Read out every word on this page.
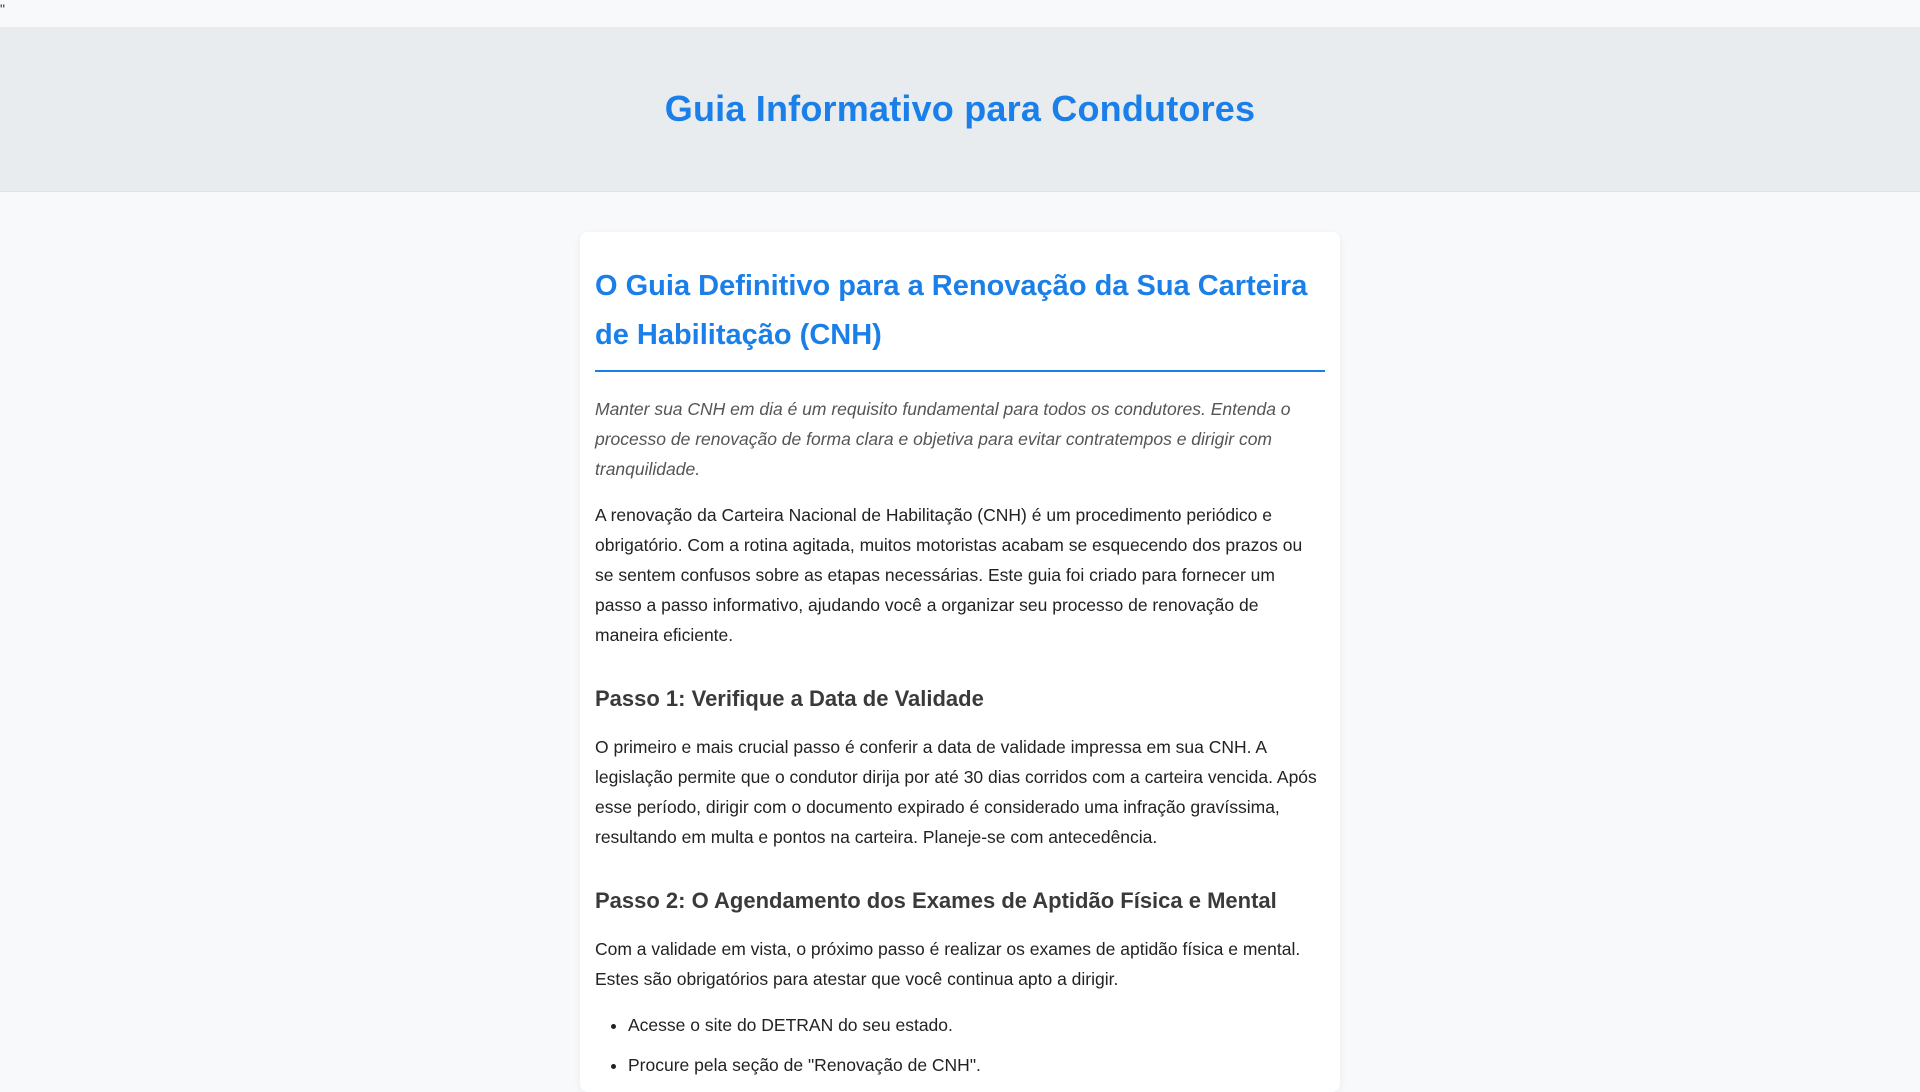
"
Guia Informativo para Condutores
O Guia Definitivo para a Renovação da Sua Carteira de Habilitação (CNH)

Manter sua CNH em dia é um requisito fundamental para todos os condutores. Entenda o processo de renovação de forma clara e objetiva para evitar contratempos e dirigir com tranquilidade.

A renovação da Carteira Nacional de Habilitação (CNH) é um procedimento periódico e obrigatório. Com a rotina agitada, muitos motoristas acabam se esquecendo dos prazos ou se sentem confusos sobre as etapas necessárias. Este guia foi criado para fornecer um passo a passo informativo, ajudando você a organizar seu processo de renovação de maneira eficiente.

Passo 1: Verifique a Data de Validade

O primeiro e mais crucial passo é conferir a data de validade impressa em sua CNH. A legislação permite que o condutor dirija por até 30 dias corridos com a carteira vencida. Após esse período, dirigir com o documento expirado é considerado uma infração gravíssima, resultando em multa e pontos na carteira. Planeje-se com antecedência.

Passo 2: O Agendamento dos Exames de Aptidão Física e Mental

Com a validade em vista, o próximo passo é realizar os exames de aptidão física e mental. Estes são obrigatórios para atestar que você continua apto a dirigir.

• Acesse o site do DETRAN do seu estado.
• Procure pela seção de "Renovação de CNH".
